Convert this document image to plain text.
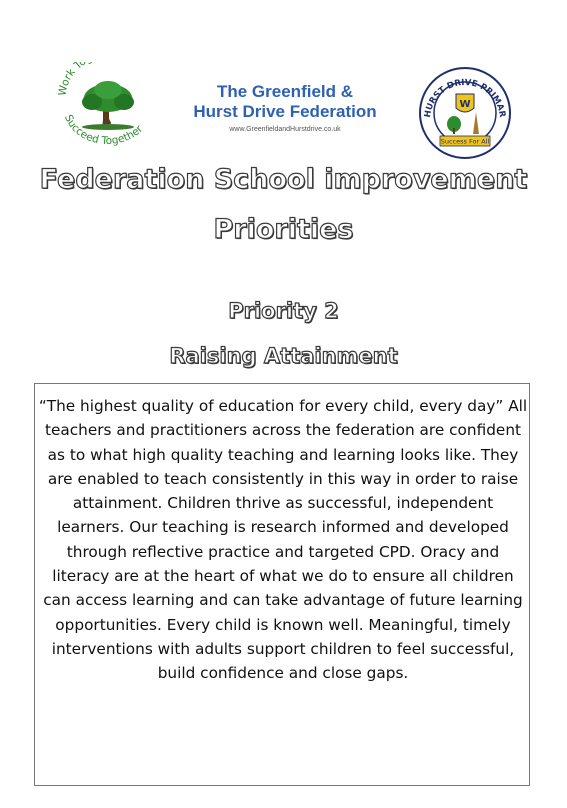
ork To
Succeed Together

The Greenfield &

Hurst Drive Federation

www.GreenfieldandHurstdrive.co.uk
HURST DRIVE PRIMAR
W
Success For All
Federation School improvement
Priorities
Priority 2
Raising Attainment

“The highest quality of education for every child, every day” All teachers and practitioners across the federation are confident as to what high quality teaching and learning looks like. They are enabled to teach consistently in this way in order to raise attainment. Children thrive as successful, independent learners. Our teaching is research informed and developed through reflective practice and targeted CPD. Oracy and literacy are at the heart of what we do to ensure all children can access learning and can take advantage of future learning opportunities. Every child is known well. Meaningful, timely interventions with adults support children to feel successful, build confidence and close gaps.
